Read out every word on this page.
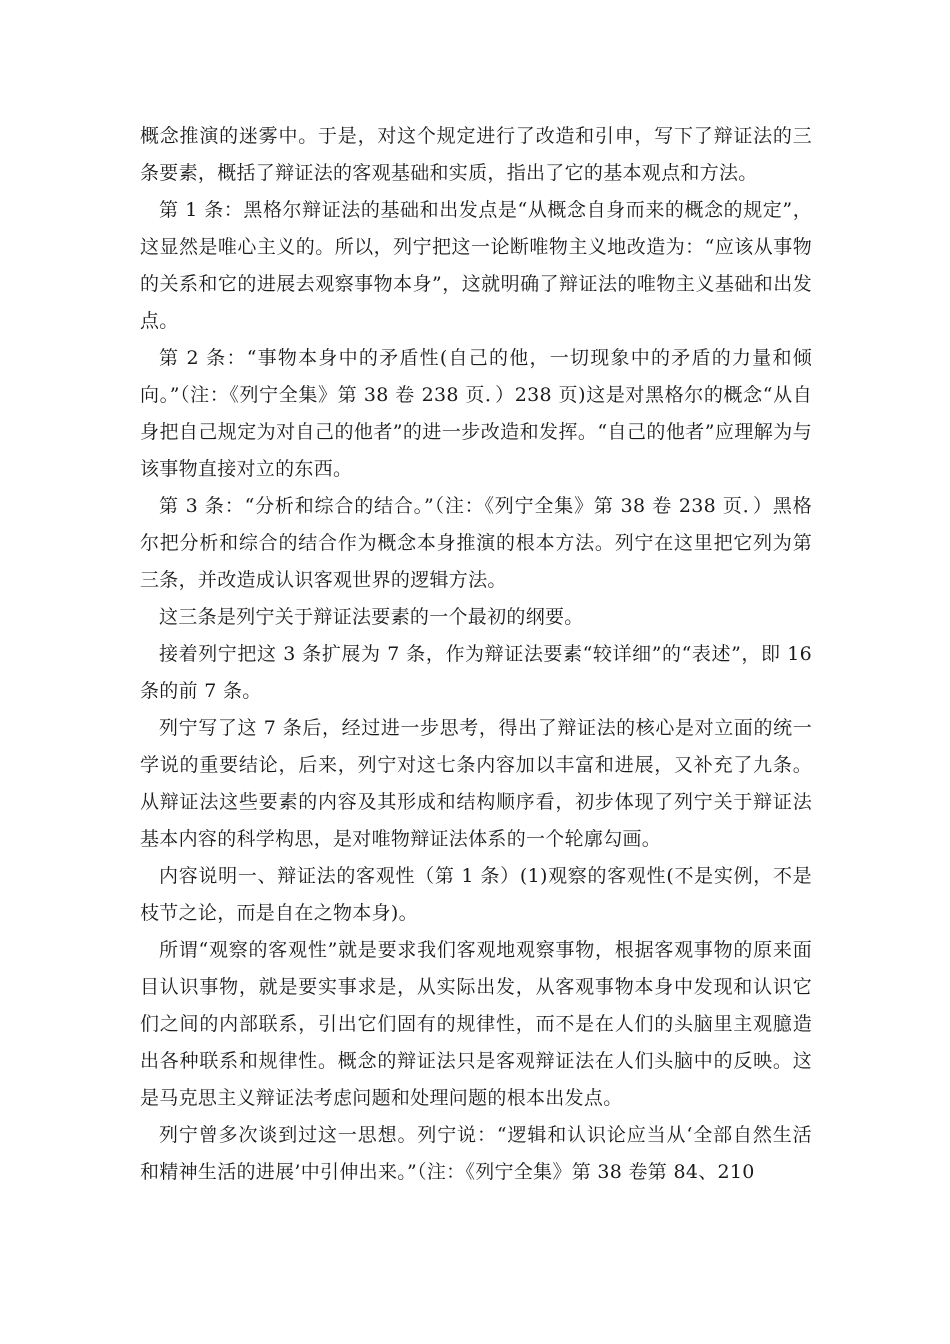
概念推演的迷雾中。于是，对这个规定进行了改造和引申，写下了辩证法的三条要素，概括了辩证法的客观基础和实质，指出了它的基本观点和方法。

第 1 条：黑格尔辩证法的基础和出发点是“从概念自身而来的概念的规定”，这显然是唯心主义的。所以，列宁把这一论断唯物主义地改造为：“应该从事物的关系和它的进展去观察事物本身”，这就明确了辩证法的唯物主义基础和出发点。

第 2 条：“事物本身中的矛盾性(自己的他，一切现象中的矛盾的力量和倾向。”（注：《列宁全集》第 38 卷 238 页．）238 页)这是对黑格尔的概念“从自身把自己规定为对自己的他者”的进一步改造和发挥。“自己的他者”应理解为与该事物直接对立的东西。

第 3 条：“分析和综合的结合。”（注：《列宁全集》第 38 卷 238 页．）黑格尔把分析和综合的结合作为概念本身推演的根本方法。列宁在这里把它列为第三条，并改造成认识客观世界的逻辑方法。

这三条是列宁关于辩证法要素的一个最初的纲要。

接着列宁把这 3 条扩展为 7 条，作为辩证法要素“较详细”的“表述”，即 16 条的前 7 条。

列宁写了这 7 条后，经过进一步思考，得出了辩证法的核心是对立面的统一学说的重要结论，后来，列宁对这七条内容加以丰富和进展，又补充了九条。从辩证法这些要素的内容及其形成和结构顺序看，初步体现了列宁关于辩证法基本内容的科学构思，是对唯物辩证法体系的一个轮廓勾画。

内容说明一、辩证法的客观性（第 1 条）(1)观察的客观性(不是实例，不是枝节之论，而是自在之物本身)。

所谓“观察的客观性”就是要求我们客观地观察事物，根据客观事物的原来面目认识事物，就是要实事求是，从实际出发，从客观事物本身中发现和认识它们之间的内部联系，引出它们固有的规律性，而不是在人们的头脑里主观臆造出各种联系和规律性。概念的辩证法只是客观辩证法在人们头脑中的反映。这是马克思主义辩证法考虑问题和处理问题的根本出发点。

列宁曾多次谈到过这一思想。列宁说：“逻辑和认识论应当从‘全部自然生活和精神生活的进展’中引伸出来。”（注：《列宁全集》第 38 卷第 84、210
